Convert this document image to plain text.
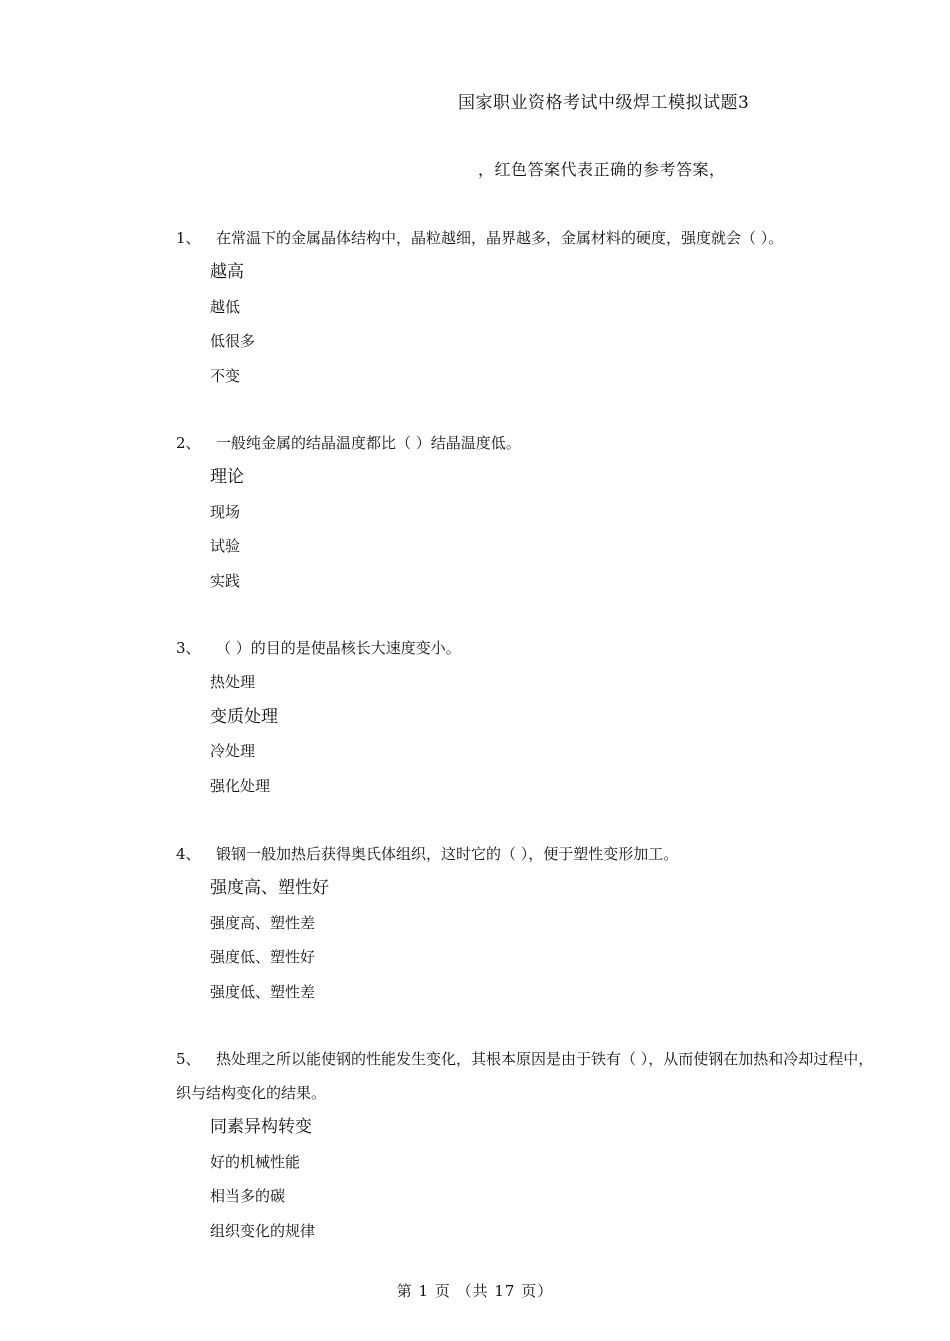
国家职业资格考试中级焊工模拟试题3
，红色答案代表正确的参考答案，
1、 在常温下的金属晶体结构中，晶粒越细，晶界越多，金属材料的硬度，强度就会（ ）。
越高
越低
低很多
不变
2、 一般纯金属的结晶温度都比（ ）结晶温度低。
理论
现场
试验
实践
3、 （ ）的目的是使晶核长大速度变小。
热处理
变质处理
冷处理
强化处理
4、 锻钢一般加热后获得奥氏体组织，这时它的（ ），便于塑性变形加工。
强度高、塑性好
强度高、塑性差
强度低、塑性好
强度低、塑性差
5、 热处理之所以能使钢的性能发生变化，其根本原因是由于铁有（ ），从而使钢在加热和冷却过程中，
织与结构变化的结果。
同素异构转变
好的机械性能
相当多的碳
组织变化的规律
第 1 页 （共 17 页）
